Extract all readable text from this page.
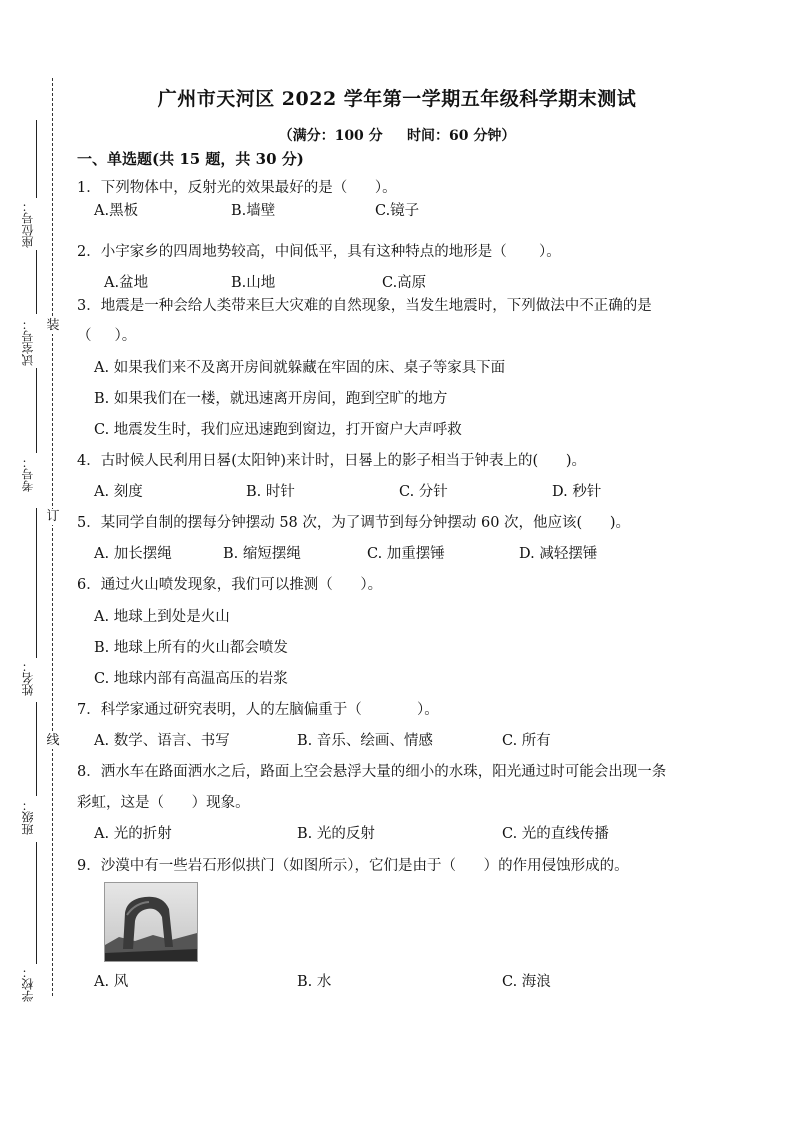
装
订
线
座位号：
试室号：
考号：
姓名：
班级：
学校：
广州市天河区 2022 学年第一学期五年级科学期末测试
（满分：100 分     时间：60 分钟）
一、单选题(共 15 题，共 30 分)
1．下列物体中，反射光的效果最好的是（      ）。
A.黑板	B.墙壁	C.镜子
2．小宇家乡的四周地势较高，中间低平，具有这种特点的地形是（       ）。
A.盆地	B.山地	C.高原
3．地震是一种会给人类带来巨大灾难的自然现象，当发生地震时，下列做法中不正确的是
（     ）。
A. 如果我们来不及离开房间就躲藏在牢固的床、桌子等家具下面
B. 如果我们在一楼，就迅速离开房间，跑到空旷的地方
C. 地震发生时，我们应迅速跑到窗边，打开窗户大声呼救
4．古时候人民利用日晷(太阳钟)来计时，日晷上的影子相当于钟表上的(      )。
A. 刻度	B. 时针	C. 分针	D. 秒针
5．某同学自制的摆每分钟摆动 58 次，为了调节到每分钟摆动 60 次，他应该(      )。
A. 加长摆绳	B. 缩短摆绳	C. 加重摆锤	D. 减轻摆锤
6．通过火山喷发现象，我们可以推测（      ）。
A. 地球上到处是火山
B. 地球上所有的火山都会喷发
C. 地球内部有高温高压的岩浆
7．科学家通过研究表明，人的左脑偏重于（            ）。
A. 数学、语言、书写	B. 音乐、绘画、情感	C. 所有
8．洒水车在路面洒水之后，路面上空会悬浮大量的细小的水珠，阳光通过时可能会出现一条
彩虹，这是（      ）现象。
A. 光的折射	B. 光的反射	C. 光的直线传播
9．沙漠中有一些岩石形似拱门（如图所示），它们是由于（      ）的作用侵蚀形成的。
A. 风	B. 水	C. 海浪
